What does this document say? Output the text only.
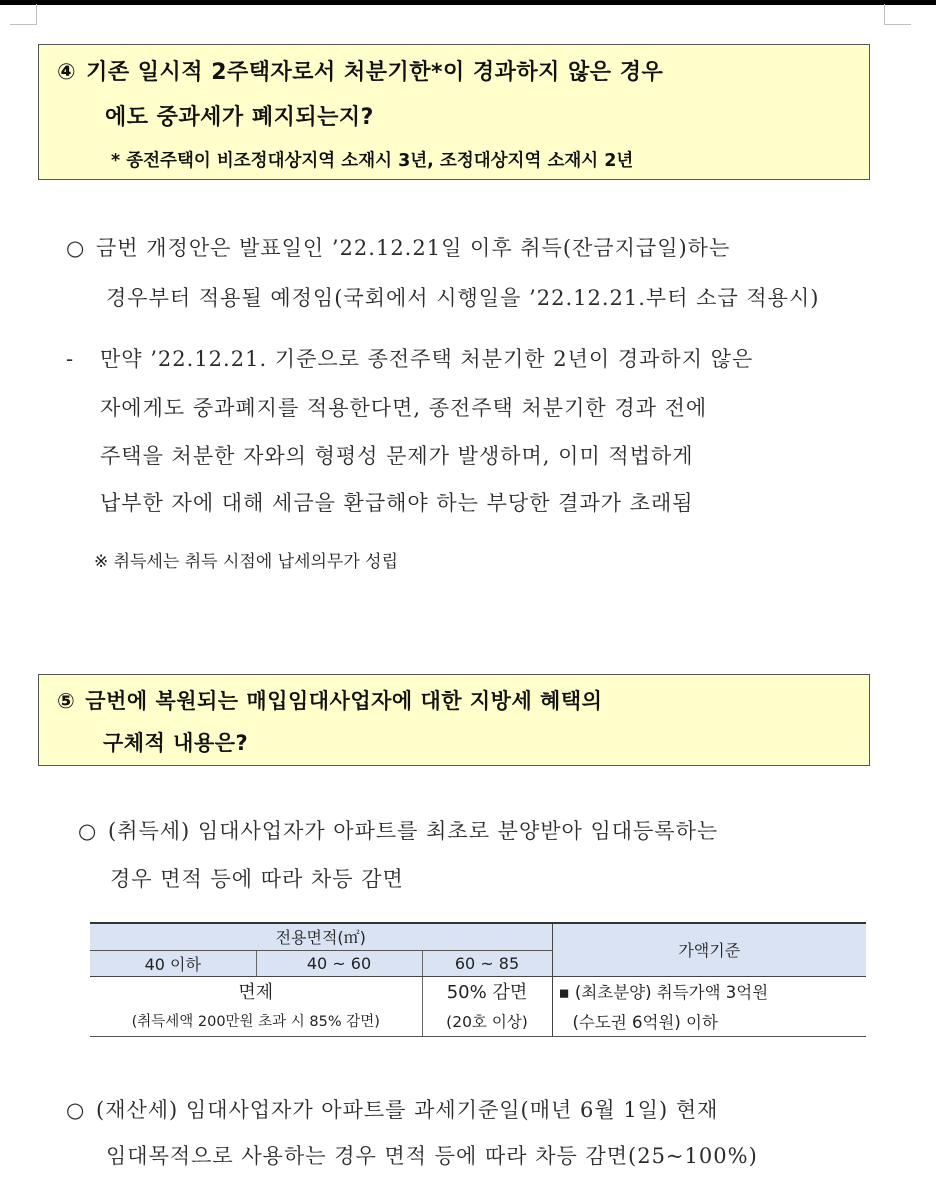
④ 기존 일시적 2주택자로서 처분기한*이 경과하지 않은 경우
에도 중과세가 폐지되는지?
* 종전주택이 비조정대상지역 소재시 3년, 조정대상지역 소재시 2년
○ 금번 개정안은 발표일인 ’22.12.21일 이후 취득(잔금지급일)하는
경우부터 적용될 예정임(국회에서 시행일을 ’22.12.21.부터 소급 적용시)
- 만약 ’22.12.21. 기준으로 종전주택 처분기한 2년이 경과하지 않은
자에게도 중과폐지를 적용한다면, 종전주택 처분기한 경과 전에
주택을 처분한 자와의 형평성 문제가 발생하며, 이미 적법하게
납부한 자에 대해 세금을 환급해야 하는 부당한 결과가 초래됨
※ 취득세는 취득 시점에 납세의무가 성립
⑤ 금번에 복원되는 매입임대사업자에 대한 지방세 혜택의
구체적 내용은?
○ (취득세) 임대사업자가 아파트를 최초로 분양받아 임대등록하는
경우 면적 등에 따라 차등 감면
전용면적(㎡)			가액기준
40 이하	40 ~ 60	60 ~ 85	
면제		50% 감면	▪ (최초분양) 취득가액 3억원
(취득세액 200만원 초과 시 85% 감면)		(20호 이상)	(수도권 6억원) 이하
○ (재산세) 임대사업자가 아파트를 과세기준일(매년 6월 1일) 현재
임대목적으로 사용하는 경우 면적 등에 따라 차등 감면(25~100%)
